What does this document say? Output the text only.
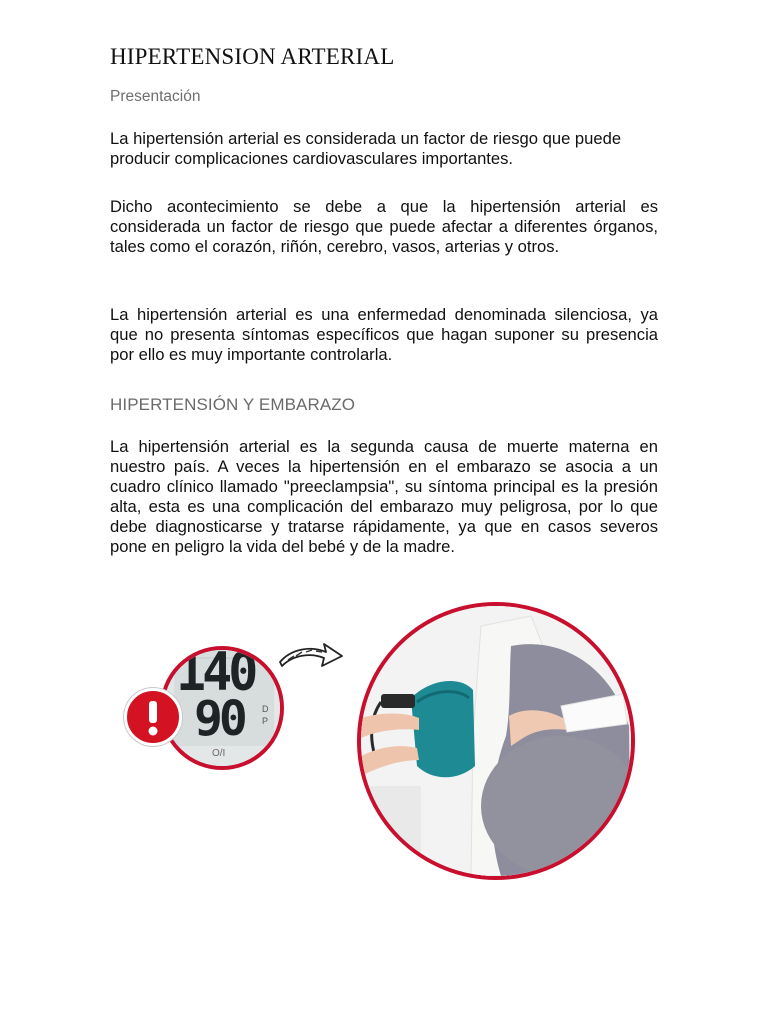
HIPERTENSION ARTERIAL
Presentación

La hipertensión arterial es considerada un factor de riesgo que puede producir complicaciones cardiovasculares importantes.

Dicho acontecimiento se debe a que la hipertensión arterial es considerada un factor de riesgo que puede afectar a diferentes órganos, tales como el corazón, riñón, cerebro, vasos, arterias y otros.

La hipertensión arterial es una enfermedad denominada silenciosa, ya que no presenta síntomas específicos que hagan suponer su presencia por ello es muy importante controlarla.

HIPERTENSIÓN Y EMBARAZO

La hipertensión arterial es la segunda causa de muerte materna en nuestro país. A veces la hipertensión en el embarazo se asocia a un cuadro clínico llamado "preeclampsia", su síntoma principal es la presión alta, esta es una complicación del embarazo muy peligrosa, por lo que debe diagnosticarse y tratarse rápidamente, ya que en casos severos pone en peligro la vida del bebé y de la madre.

140
90 D
P
O/I
